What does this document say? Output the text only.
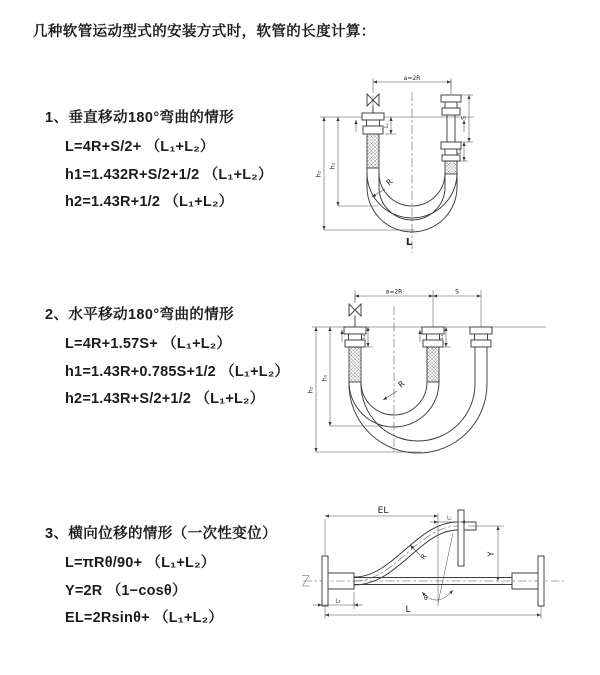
几种软管运动型式的安装方式时，软管的长度计算：
1、垂直移动180°弯曲的情形
L=4R+S/2+ （L₁+L₂）
h1=1.432R+S/2+1/2 （L₁+L₂）
h2=1.43R+1/2 （L₁+L₂）
a=2R
h₂
h₁
L₁
S
L₁
R
L
2、水平移动180°弯曲的情形
L=4R+1.57S+ （L₁+L₂）
h1=1.43R+0.785S+1/2 （L₁+L₂）
h2=1.43R+S/2+1/2 （L₁+L₂）
a=2R	S
h₂
h₁
L₁	L₁
R
3、横向位移的情形（一次性变位）
L=πRθ/90+ （L₁+L₂）
Y=2R （1−cosθ）
EL=2Rsinθ+ （L₁+L₂）
EL
L₁
θ
R	Y
L
L₂
